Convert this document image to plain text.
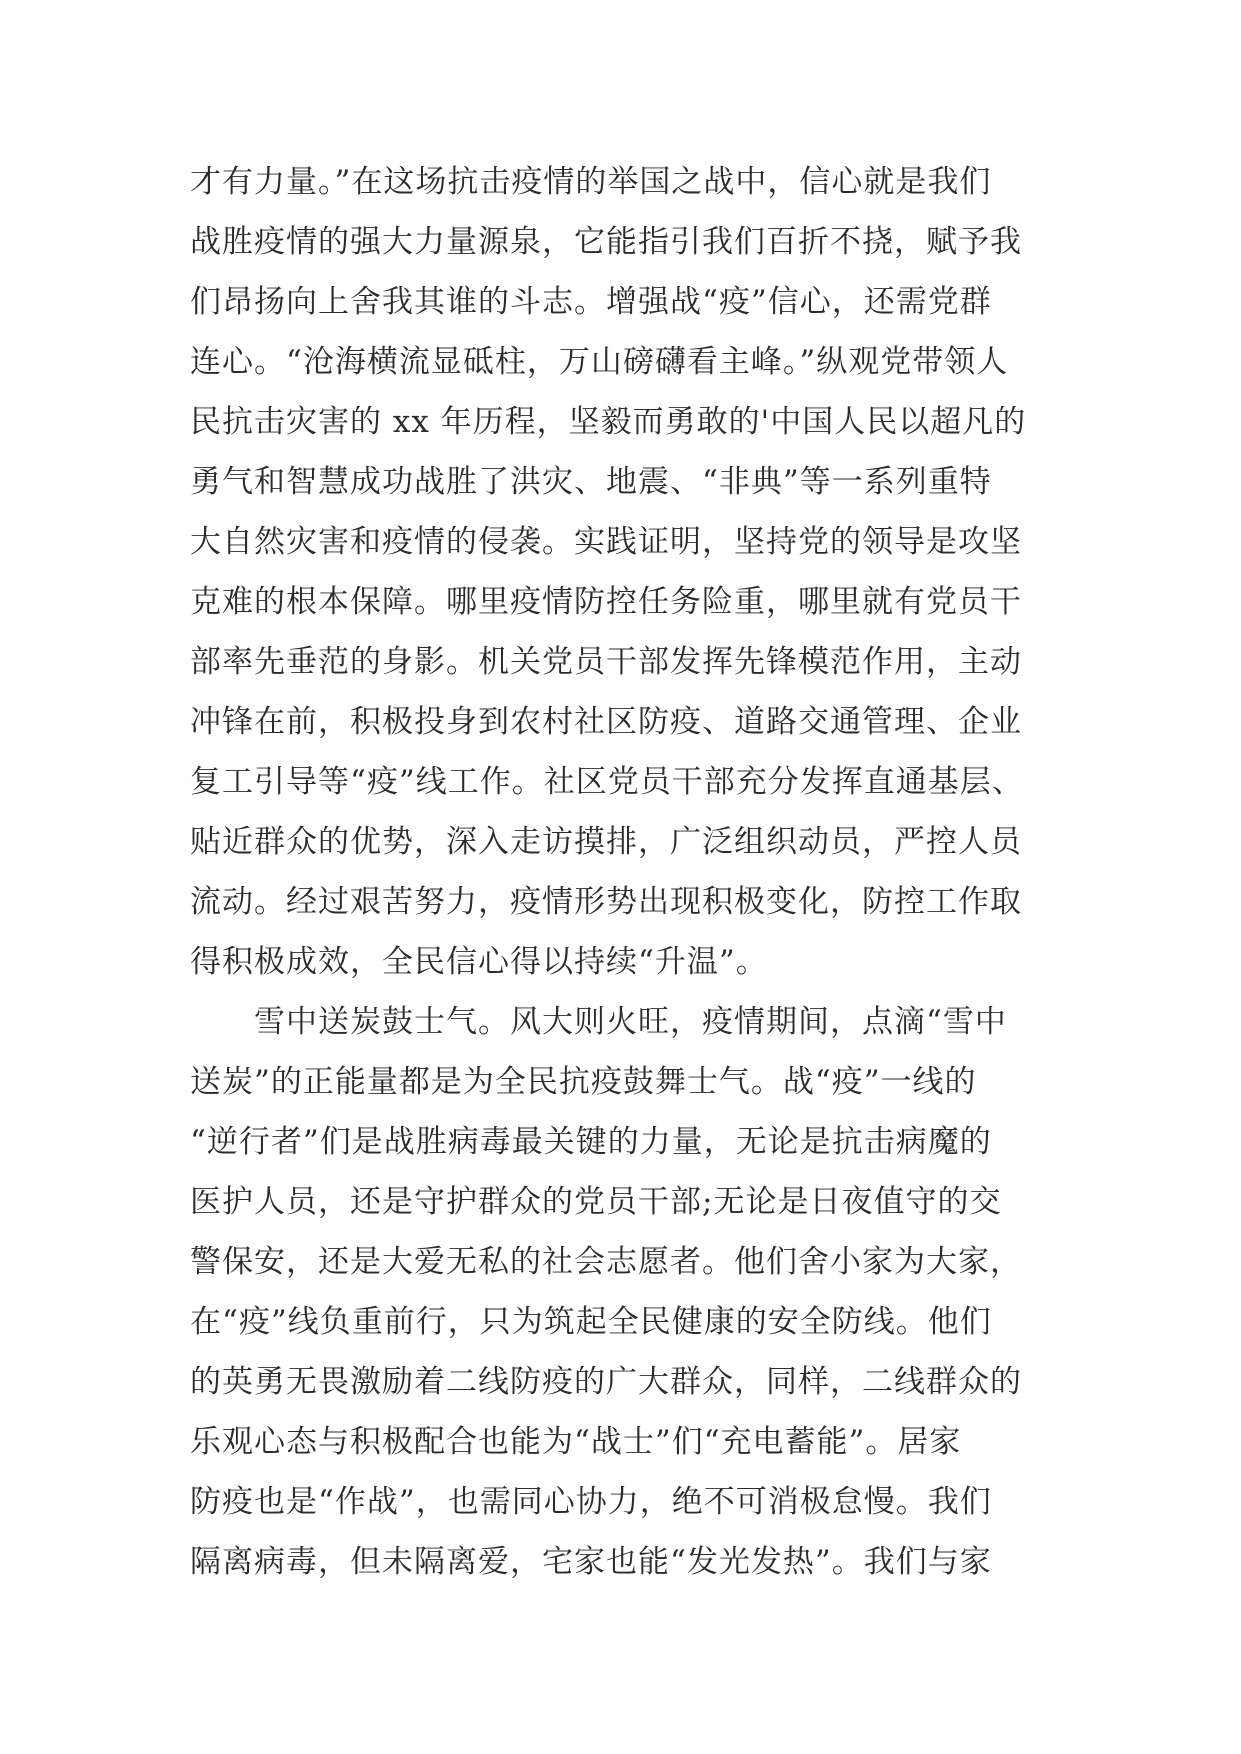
才有力量。”在这场抗击疫情的举国之战中，信心就是我们
战胜疫情的强大力量源泉，它能指引我们百折不挠，赋予我
们昂扬向上舍我其谁的斗志。增强战“疫”信心，还需党群
连心。“沧海横流显砥柱，万山磅礴看主峰。”纵观党带领人
民抗击灾害的 xx 年历程，坚毅而勇敢的'中国人民以超凡的
勇气和智慧成功战胜了洪灾、地震、“非典”等一系列重特
大自然灾害和疫情的侵袭。实践证明，坚持党的领导是攻坚
克难的根本保障。哪里疫情防控任务险重，哪里就有党员干
部率先垂范的身影。机关党员干部发挥先锋模范作用，主动
冲锋在前，积极投身到农村社区防疫、道路交通管理、企业
复工引导等“疫”线工作。社区党员干部充分发挥直通基层、
贴近群众的优势，深入走访摸排，广泛组织动员，严控人员
流动。经过艰苦努力，疫情形势出现积极变化，防控工作取
得积极成效，全民信心得以持续“升温”。
雪中送炭鼓士气。风大则火旺，疫情期间，点滴“雪中
送炭”的正能量都是为全民抗疫鼓舞士气。战“疫”一线的
“逆行者”们是战胜病毒最关键的力量，无论是抗击病魔的
医护人员，还是守护群众的党员干部;无论是日夜值守的交
警保安，还是大爱无私的社会志愿者。他们舍小家为大家，
在“疫”线负重前行，只为筑起全民健康的安全防线。他们
的英勇无畏激励着二线防疫的广大群众，同样，二线群众的
乐观心态与积极配合也能为“战士”们“充电蓄能”。居家
防疫也是“作战”，也需同心协力，绝不可消极怠慢。我们
隔离病毒，但未隔离爱，宅家也能“发光发热”。我们与家
